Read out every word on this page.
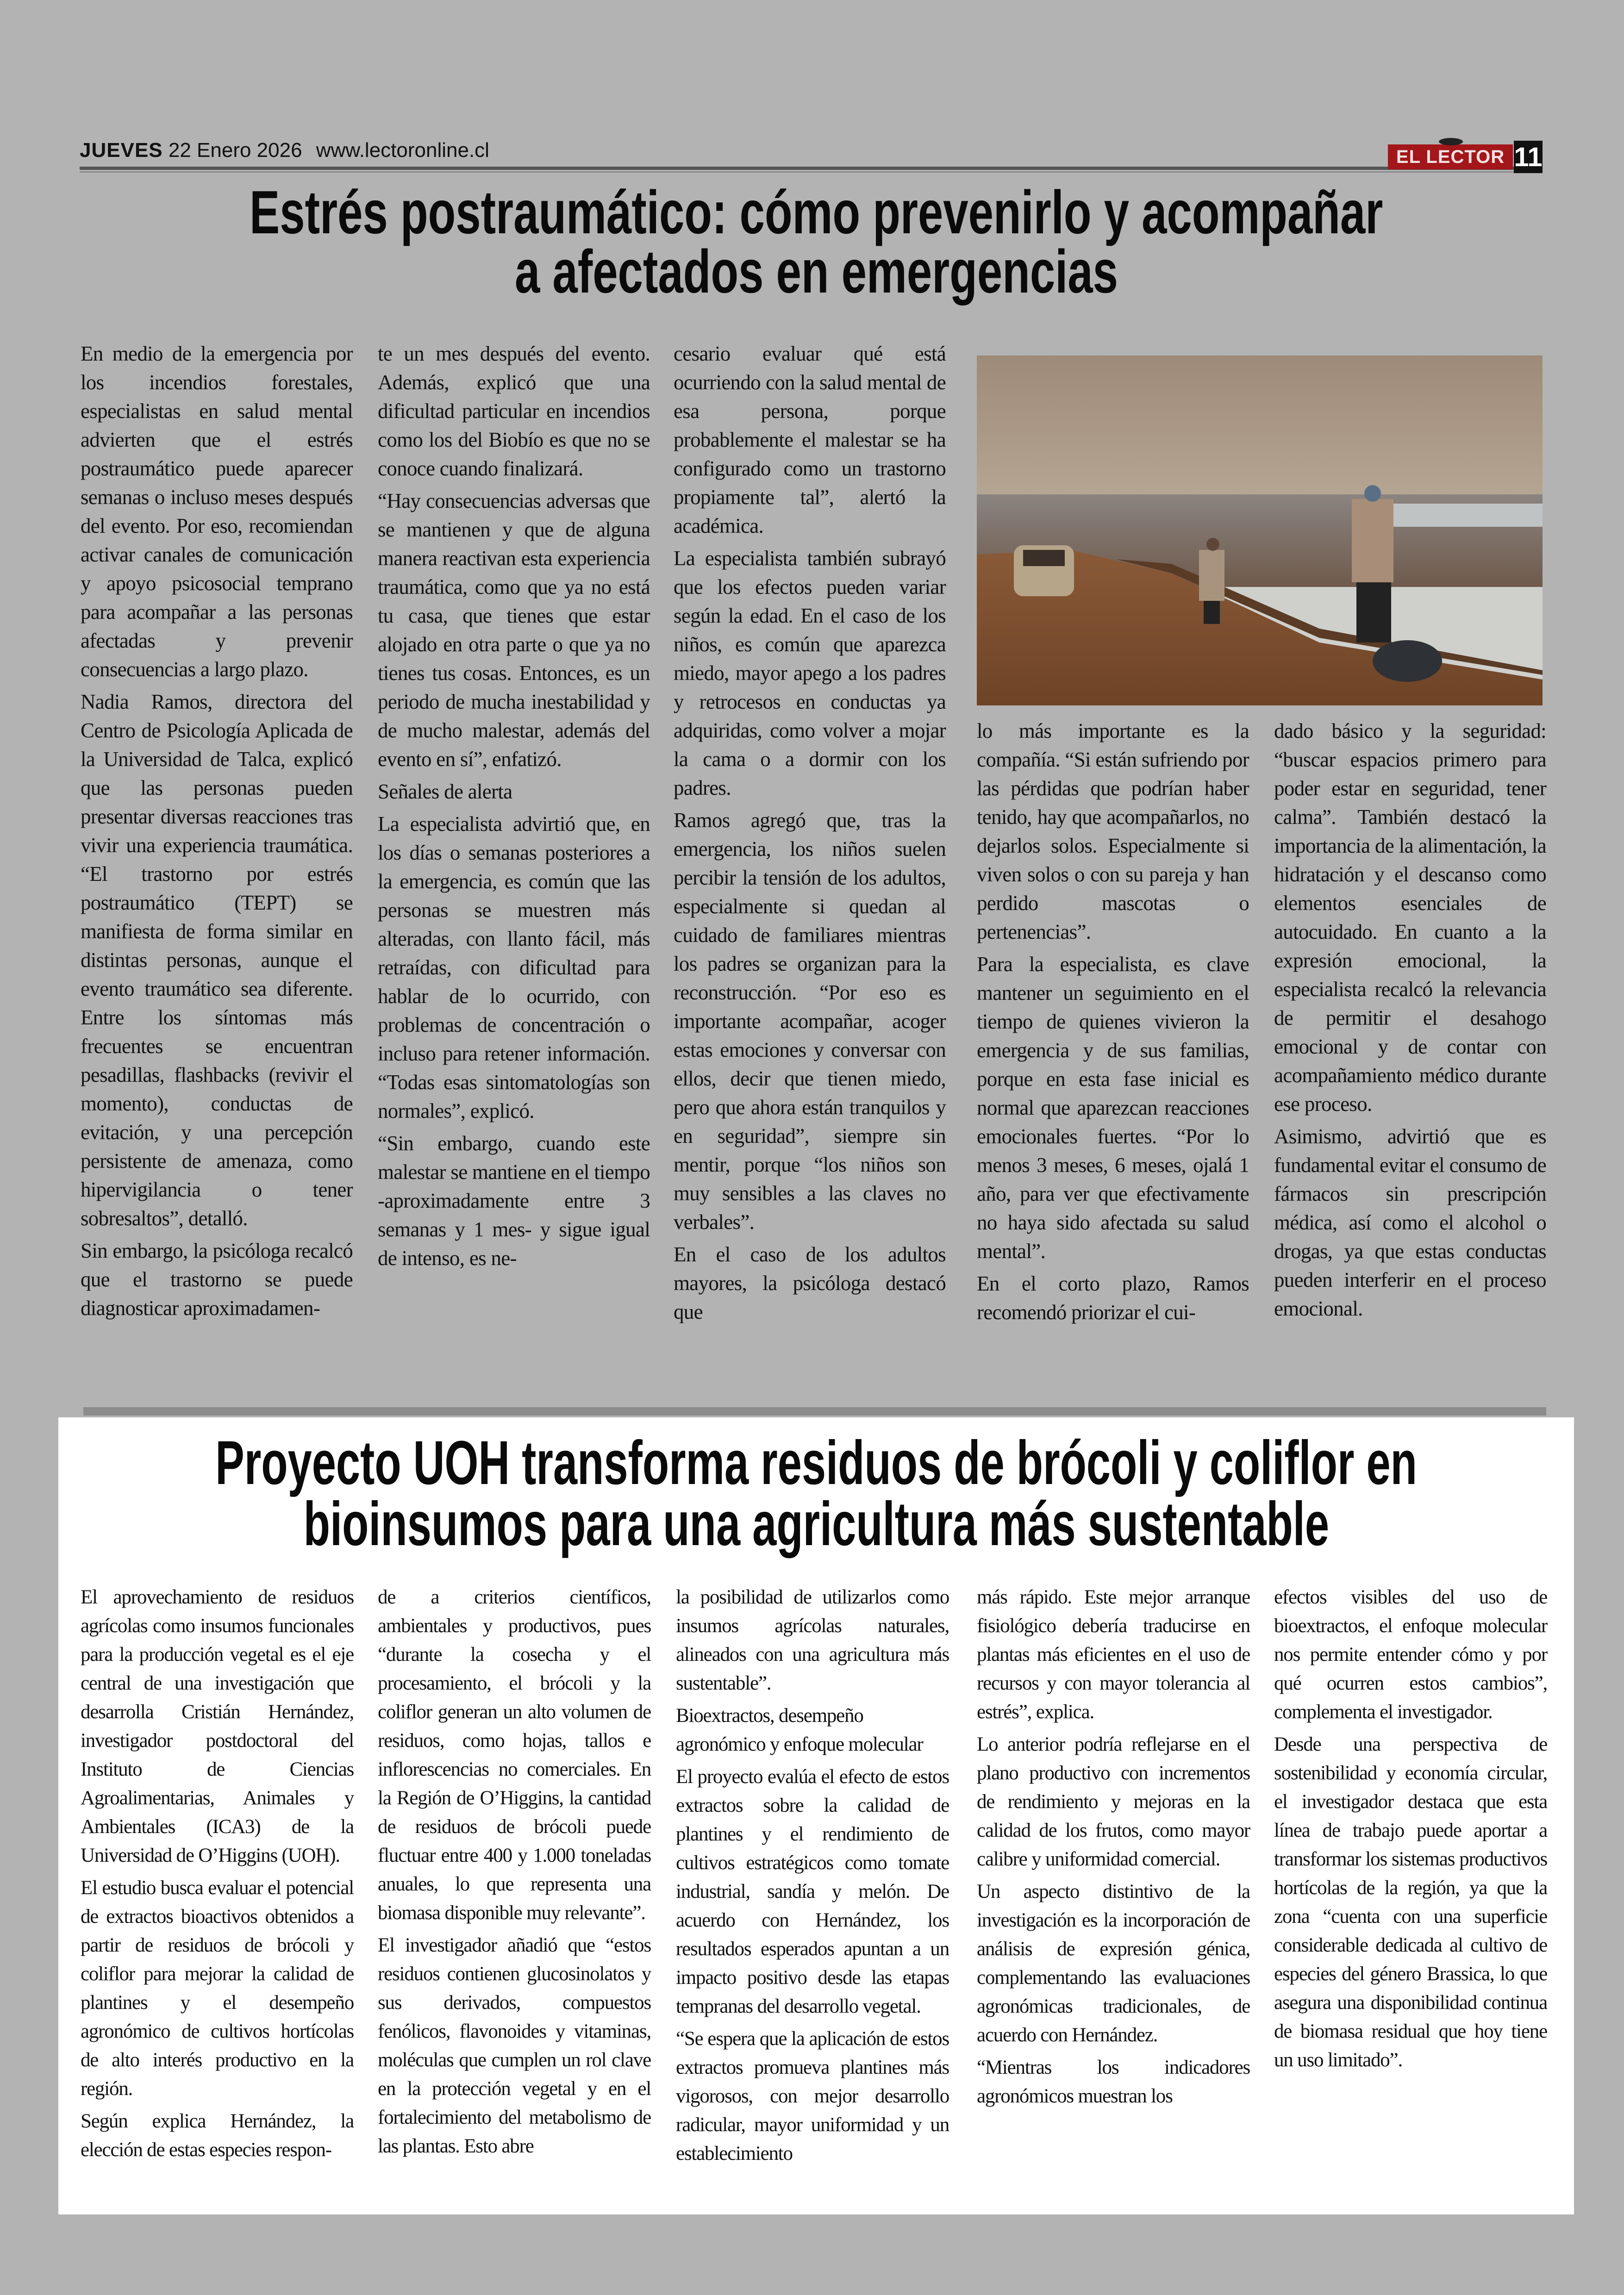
JUEVES 22 Enero 2026 www.lectoronline.cl	EL LECTOR 11
Estrés postraumático: cómo prevenirlo y acompañar
a afectados en emergencias

En medio de la emergencia por los incendios forestales, especialistas en salud mental advierten que el estrés postraumático puede aparecer semanas o incluso meses después del evento. Por eso, recomiendan activar canales de comunicación y apoyo psicosocial temprano para acompañar a las personas afectadas y prevenir consecuencias a largo plazo.

Nadia Ramos, directora del Centro de Psicología Aplicada de la Universidad de Talca, explicó que las personas pueden presentar diversas reacciones tras vivir una experiencia traumática. “El trastorno por estrés postraumático (TEPT) se manifiesta de forma similar en distintas personas, aunque el evento traumático sea diferente. Entre los síntomas más frecuentes se encuentran pesadillas, flashbacks (revivir el momento), conductas de evitación, y una percepción persistente de amenaza, como hipervigilancia o tener sobresaltos”, detalló.

Sin embargo, la psicóloga recalcó que el trastorno se puede diagnosticar aproximadamen-

te un mes después del evento. Además, explicó que una dificultad particular en incendios como los del Biobío es que no se conoce cuando finalizará.

“Hay consecuencias adversas que se mantienen y que de alguna manera reactivan esta experiencia traumática, como que ya no está tu casa, que tienes que estar alojado en otra parte o que ya no tienes tus cosas. Entonces, es un periodo de mucha inestabilidad y de mucho malestar, además del evento en sí”, enfatizó.

Señales de alerta

La especialista advirtió que, en los días o semanas posteriores a la emergencia, es común que las personas se muestren más alteradas, con llanto fácil, más retraídas, con dificultad para hablar de lo ocurrido, con problemas de concentración o incluso para retener información. “Todas esas sintomatologías son normales”, explicó.

“Sin embargo, cuando este malestar se mantiene en el tiempo -aproximadamente entre 3 semanas y 1 mes- y sigue igual de intenso, es ne-

cesario evaluar qué está ocurriendo con la salud mental de esa persona, porque probablemente el malestar se ha configurado como un trastorno propiamente tal”, alertó la académica.

La especialista también subrayó que los efectos pueden variar según la edad. En el caso de los niños, es común que aparezca miedo, mayor apego a los padres y retrocesos en conductas ya adquiridas, como volver a mojar la cama o a dormir con los padres.

Ramos agregó que, tras la emergencia, los niños suelen percibir la tensión de los adultos, especialmente si quedan al cuidado de familiares mientras los padres se organizan para la reconstrucción. “Por eso es importante acompañar, acoger estas emociones y conversar con ellos, decir que tienen miedo, pero que ahora están tranquilos y en seguridad”, siempre sin mentir, porque “los niños son muy sensibles a las claves no verbales”.

En el caso de los adultos mayores, la psicóloga destacó que

lo más importante es la compañía. “Si están sufriendo por las pérdidas que podrían haber tenido, hay que acompañarlos, no dejarlos solos. Especialmente si viven solos o con su pareja y han perdido mascotas o pertenencias”.

Para la especialista, es clave mantener un seguimiento en el tiempo de quienes vivieron la emergencia y de sus familias, porque en esta fase inicial es normal que aparezcan reacciones emocionales fuertes. “Por lo menos 3 meses, 6 meses, ojalá 1 año, para ver que efectivamente no haya sido afectada su salud mental”.

En el corto plazo, Ramos recomendó priorizar el cui-

dado básico y la seguridad: “buscar espacios primero para poder estar en seguridad, tener calma”. También destacó la importancia de la alimentación, la hidratación y el descanso como elementos esenciales de autocuidado. En cuanto a la expresión emocional, la especialista recalcó la relevancia de permitir el desahogo emocional y de contar con acompañamiento médico durante ese proceso.

Asimismo, advirtió que es fundamental evitar el consumo de fármacos sin prescripción médica, así como el alcohol o drogas, ya que estas conductas pueden interferir en el proceso emocional.

Proyecto UOH transforma residuos de brócoli y coliflor en
bioinsumos para una agricultura más sustentable

El aprovechamiento de residuos agrícolas como insumos funcionales para la producción vegetal es el eje central de una investigación que desarrolla Cristián Hernández, investigador postdoctoral del Instituto de Ciencias Agroalimentarias, Animales y Ambientales (ICA3) de la Universidad de O’Higgins (UOH).

El estudio busca evaluar el potencial de extractos bioactivos obtenidos a partir de residuos de brócoli y coliflor para mejorar la calidad de plantines y el desempeño agronómico de cultivos hortícolas de alto interés productivo en la región.

Según explica Hernández, la elección de estas especies respon-

de a criterios científicos, ambientales y productivos, pues “durante la cosecha y el procesamiento, el brócoli y la coliflor generan un alto volumen de residuos, como hojas, tallos e inflorescencias no comerciales. En la Región de O’Higgins, la cantidad de residuos de brócoli puede fluctuar entre 400 y 1.000 toneladas anuales, lo que representa una biomasa disponible muy relevante”.

El investigador añadió que “estos residuos contienen glucosinolatos y sus derivados, compuestos fenólicos, flavonoides y vitaminas, moléculas que cumplen un rol clave en la protección vegetal y en el fortalecimiento del metabolismo de las plantas. Esto abre

la posibilidad de utilizarlos como insumos agrícolas naturales, alineados con una agricultura más sustentable”.

Bioextractos, desempeño agronómico y enfoque molecular

El proyecto evalúa el efecto de estos extractos sobre la calidad de plantines y el rendimiento de cultivos estratégicos como tomate industrial, sandía y melón. De acuerdo con Hernández, los resultados esperados apuntan a un impacto positivo desde las etapas tempranas del desarrollo vegetal.

“Se espera que la aplicación de estos extractos promueva plantines más vigorosos, con mejor desarrollo radicular, mayor uniformidad y un establecimiento

más rápido. Este mejor arranque fisiológico debería traducirse en plantas más eficientes en el uso de recursos y con mayor tolerancia al estrés”, explica.

Lo anterior podría reflejarse en el plano productivo con incrementos de rendimiento y mejoras en la calidad de los frutos, como mayor calibre y uniformidad comercial.

Un aspecto distintivo de la investigación es la incorporación de análisis de expresión génica, complementando las evaluaciones agronómicas tradicionales, de acuerdo con Hernández.

“Mientras los indicadores agronómicos muestran los

efectos visibles del uso de bioextractos, el enfoque molecular nos permite entender cómo y por qué ocurren estos cambios”, complementa el investigador.

Desde una perspectiva de sostenibilidad y economía circular, el investigador destaca que esta línea de trabajo puede aportar a transformar los sistemas productivos hortícolas de la región, ya que la zona “cuenta con una superficie considerable dedicada al cultivo de especies del género Brassica, lo que asegura una disponibilidad continua de biomasa residual que hoy tiene un uso limitado”.
